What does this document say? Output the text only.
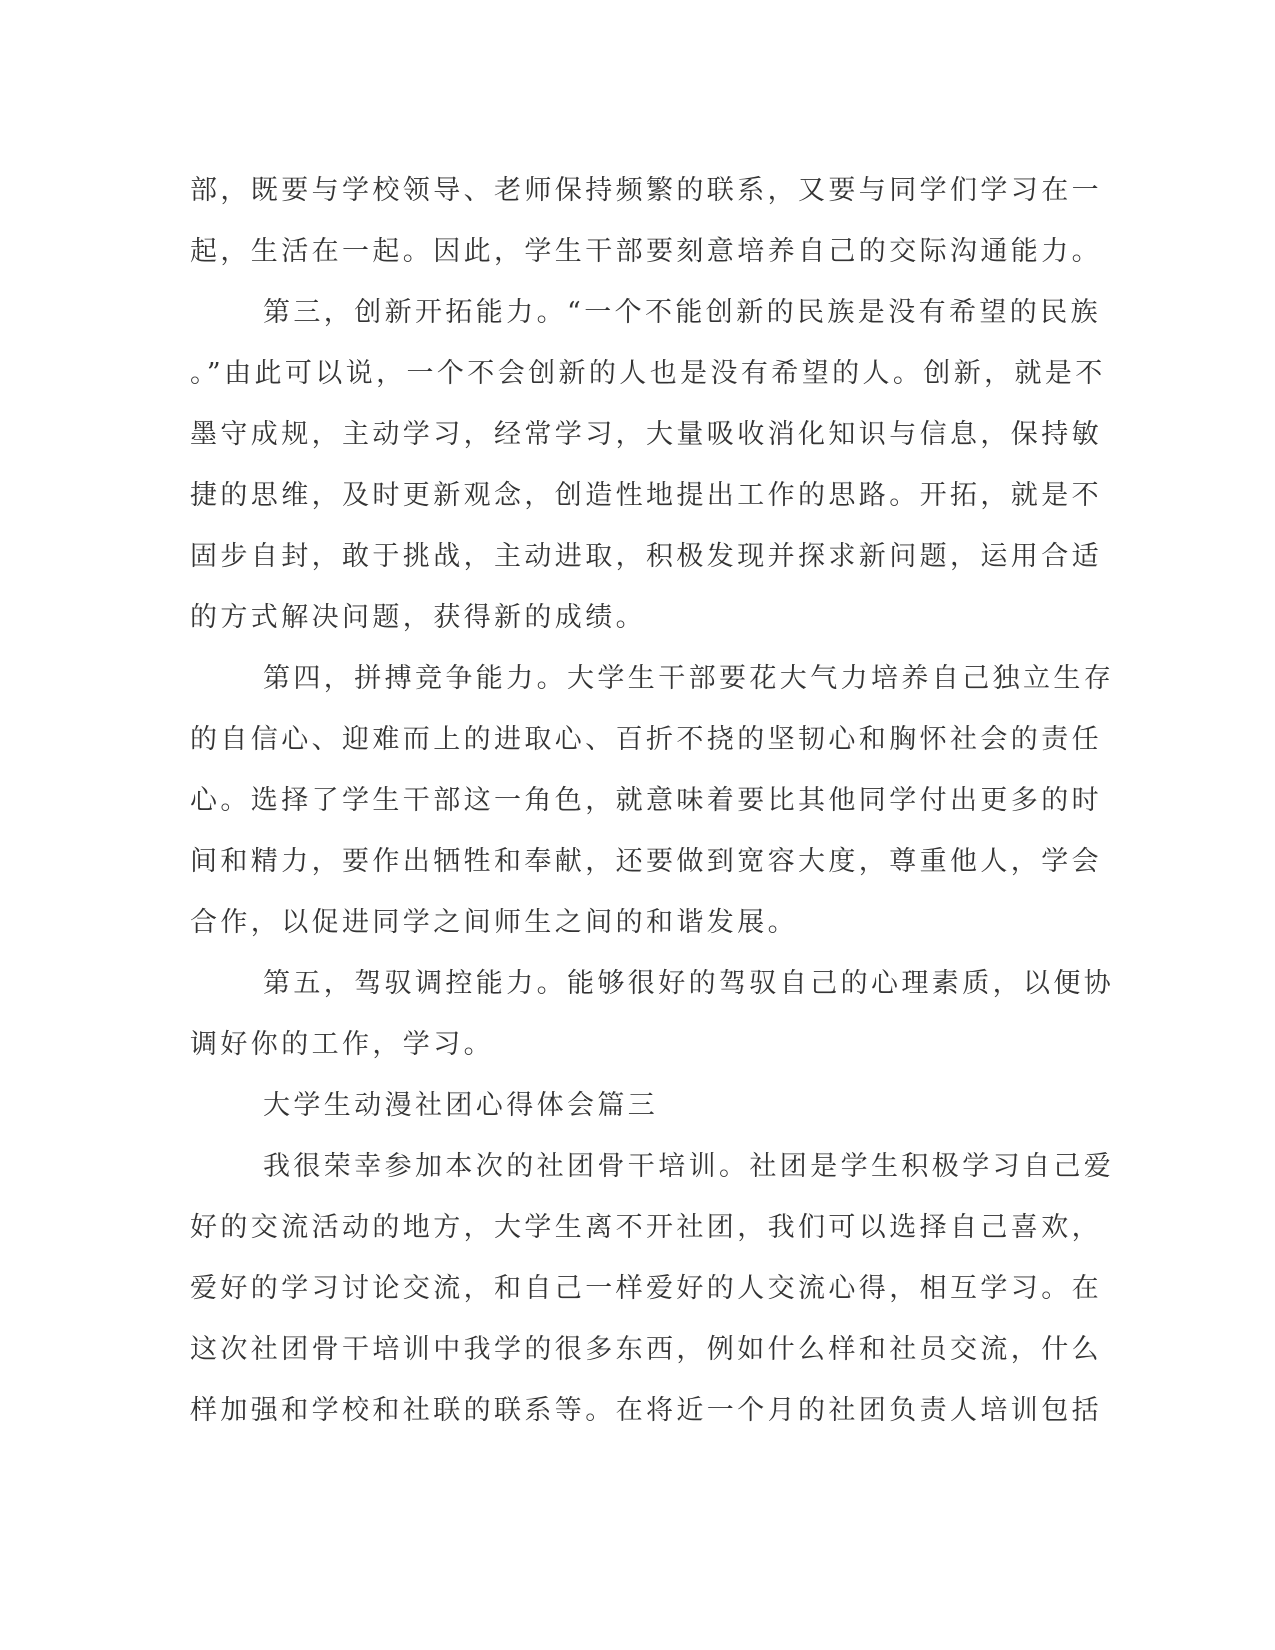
部，既要与学校领导、老师保持频繁的联系，又要与同学们学习在一
起，生活在一起。因此，学生干部要刻意培养自己的交际沟通能力。
第三，创新开拓能力。“一个不能创新的民族是没有希望的民族
。”由此可以说，一个不会创新的人也是没有希望的人。创新，就是不
墨守成规，主动学习，经常学习，大量吸收消化知识与信息，保持敏
捷的思维，及时更新观念，创造性地提出工作的思路。开拓，就是不
固步自封，敢于挑战，主动进取，积极发现并探求新问题，运用合适
的方式解决问题，获得新的成绩。
第四，拼搏竞争能力。大学生干部要花大气力培养自己独立生存
的自信心、迎难而上的进取心、百折不挠的坚韧心和胸怀社会的责任
心。选择了学生干部这一角色，就意味着要比其他同学付出更多的时
间和精力，要作出牺牲和奉献，还要做到宽容大度，尊重他人，学会
合作，以促进同学之间师生之间的和谐发展。
第五，驾驭调控能力。能够很好的驾驭自己的心理素质，以便协
调好你的工作，学习。
大学生动漫社团心得体会篇三
我很荣幸参加本次的社团骨干培训。社团是学生积极学习自己爱
好的交流活动的地方，大学生离不开社团，我们可以选择自己喜欢，
爱好的学习讨论交流，和自己一样爱好的人交流心得，相互学习。在
这次社团骨干培训中我学的很多东西，例如什么样和社员交流，什么
样加强和学校和社联的联系等。在将近一个月的社团负责人培训包括
